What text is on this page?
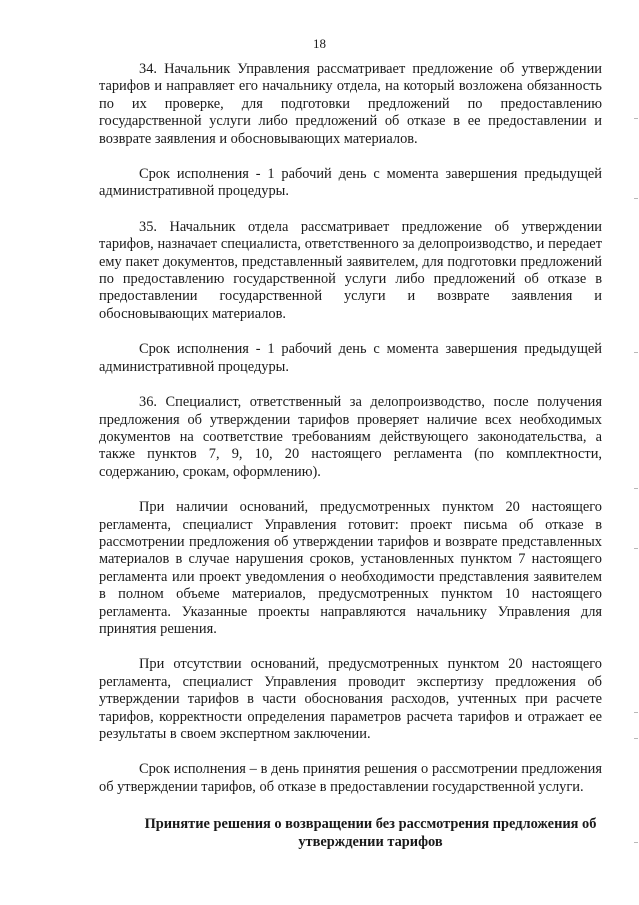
18

34. Начальник Управления рассматривает предложение об утверждении тарифов и направляет его начальнику отдела, на который возложена обязанность по их проверке, для подготовки предложений по предоставлению государственной услуги либо предложений об отказе в ее предоставлении и возврате заявления и обосновывающих материалов.

Срок исполнения - 1 рабочий день с момента завершения предыдущей административной процедуры.

35. Начальник отдела рассматривает предложение об утверждении тарифов, назначает специалиста, ответственного за делопроизводство, и передает ему пакет документов, представленный заявителем, для подготовки предложений по предоставлению государственной услуги либо предложений об отказе в предоставлении государственной услуги и возврате заявления и обосновывающих материалов.

Срок исполнения - 1 рабочий день с момента завершения предыдущей административной процедуры.

36. Специалист, ответственный за делопроизводство, после получения предложения об утверждении тарифов проверяет наличие всех необходимых документов на соответствие требованиям действующего законодательства, а также пунктов 7, 9, 10, 20 настоящего регламента (по комплектности, содержанию, срокам, оформлению).

При наличии оснований, предусмотренных пунктом 20 настоящего регламента, специалист Управления готовит: проект письма об отказе в рассмотрении предложения об утверждении тарифов и возврате представленных материалов в случае нарушения сроков, установленных пунктом 7 настоящего регламента или проект уведомления о необходимости представления заявителем в полном объеме материалов, предусмотренных пунктом 10 настоящего регламента. Указанные проекты направляются начальнику Управления для принятия решения.

При отсутствии оснований, предусмотренных пунктом 20 настоящего регламента, специалист Управления проводит экспертизу предложения об утверждении тарифов в части обоснования расходов, учтенных при расчете тарифов, корректности определения параметров расчета тарифов и отражает ее результаты в своем экспертном заключении.

Срок исполнения – в день принятия решения о рассмотрении предложения об утверждении тарифов, об отказе в предоставлении государственной услуги.

Принятие решения о возвращении без рассмотрения предложения об утверждении тарифов
